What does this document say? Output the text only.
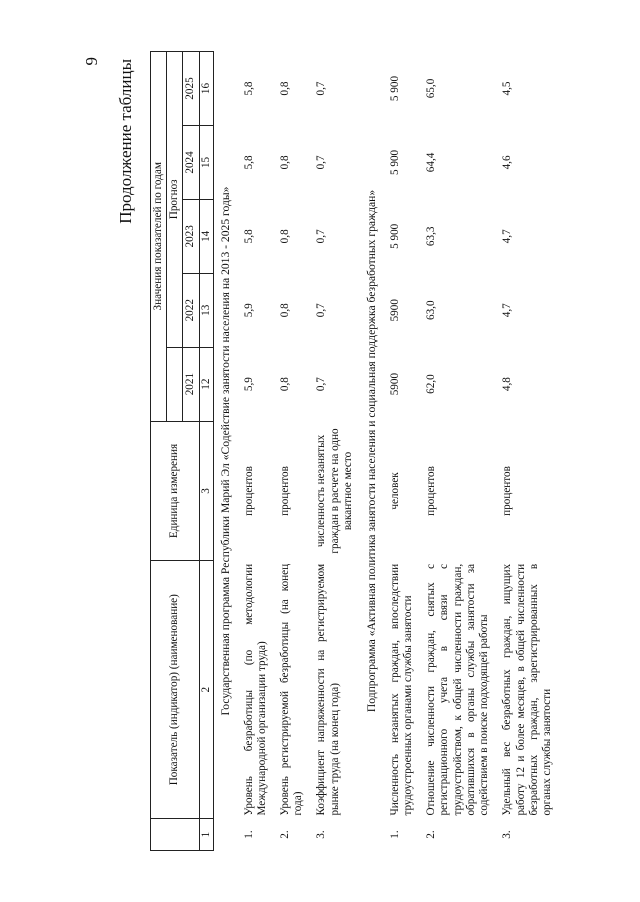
9 Продолжение таблицы
	Показатель (индикатор) (наименование)	Единица измерения	Значения показателей по годам				
				Прогноз			
			2021	2022	2023	2024	2025
1	2	3	12	13	14	15	16
Государственная программа Республики Марий Эл «Содействие занятости населения на 2013 - 2025 годы»							
1.	Уровень безработицы (по методологии Международной организации труда)	процентов	5,9	5,9	5,8	5,8	5,8
2.	Уровень регистрируемой безработицы (на конец года)	процентов	0,8	0,8	0,8	0,8	0,8
3.	Коэффициент напряженности на регистрируемом рынке труда (на конец года)	численность незанятых граждан в расчете на одно вакантное место	0,7	0,7	0,7	0,7	0,7
Подпрограмма «Активная политика занятости населения и социальная поддержка безработных граждан»							
1.	Численность незанятых граждан, впоследствии трудоустроенных органами службы занятости	человек	5900	5900	5 900	5 900	5 900
2.	Отношение численности граждан, снятых с регистрационного учета в связи с трудоустройством, к общей численности граждан, обратившихся в органы службы занятости за содействием в поиске подходящей работы	процентов	62,0	63,0	63,3	64,4	65,0
3.	Удельный вес безработных граждан, ищущих работу 12 и более месяцев, в общей численности безработных граждан, зарегистрированных в органах службы занятости	процентов	4,8	4,7	4,7	4,6	4,5
